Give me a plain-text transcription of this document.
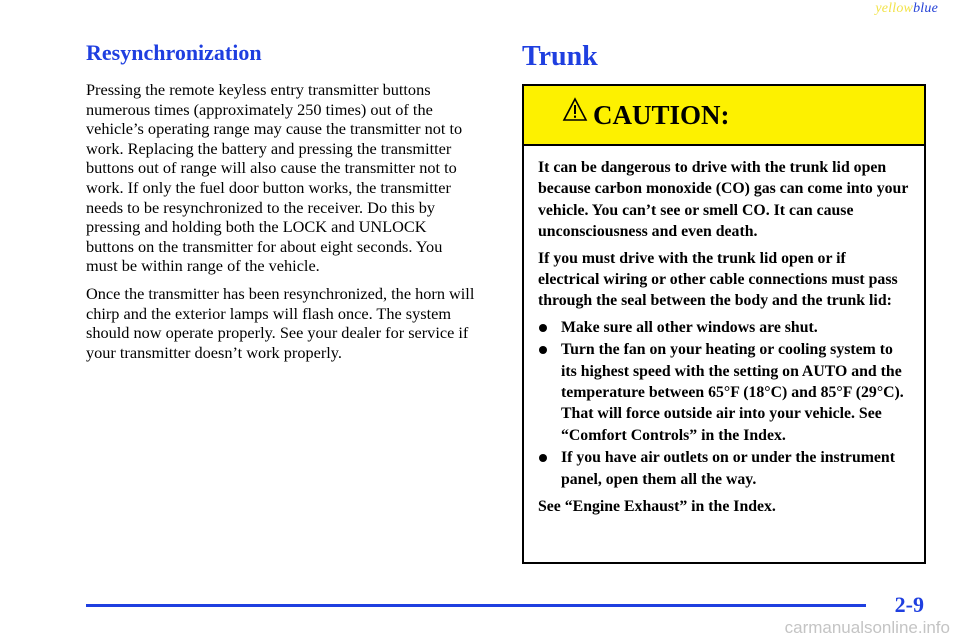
yellowblue
Resynchronization

Pressing the remote keyless entry transmitter buttons numerous times (approximately 250 times) out of the vehicle’s operating range may cause the transmitter not to work. Replacing the battery and pressing the transmitter buttons out of range will also cause the transmitter not to work. If only the fuel door button works, the transmitter needs to be resynchronized to the receiver. Do this by pressing and holding both the LOCK and UNLOCK buttons on the transmitter for about eight seconds. You must be within range of the vehicle.

Once the transmitter has been resynchronized, the horn will chirp and the exterior lamps will flash once. The system should now operate properly. See your dealer for service if your transmitter doesn’t work properly.

Trunk
CAUTION:

It can be dangerous to drive with the trunk lid open because carbon monoxide (CO) gas can come into your vehicle. You can’t see or smell CO. It can cause unconsciousness and even death.

If you must drive with the trunk lid open or if electrical wiring or other cable connections must pass through the seal between the body and the trunk lid:

Make sure all other windows are shut.
Turn the fan on your heating or cooling system to its highest speed with the setting on AUTO and the temperature between 65°F (18°C) and 85°F (29°C). That will force outside air into your vehicle. See “Comfort Controls” in the Index.
If you have air outlets on or under the instrument panel, open them all the way.

See “Engine Exhaust” in the Index.

2-9
carmanualsonline.info
